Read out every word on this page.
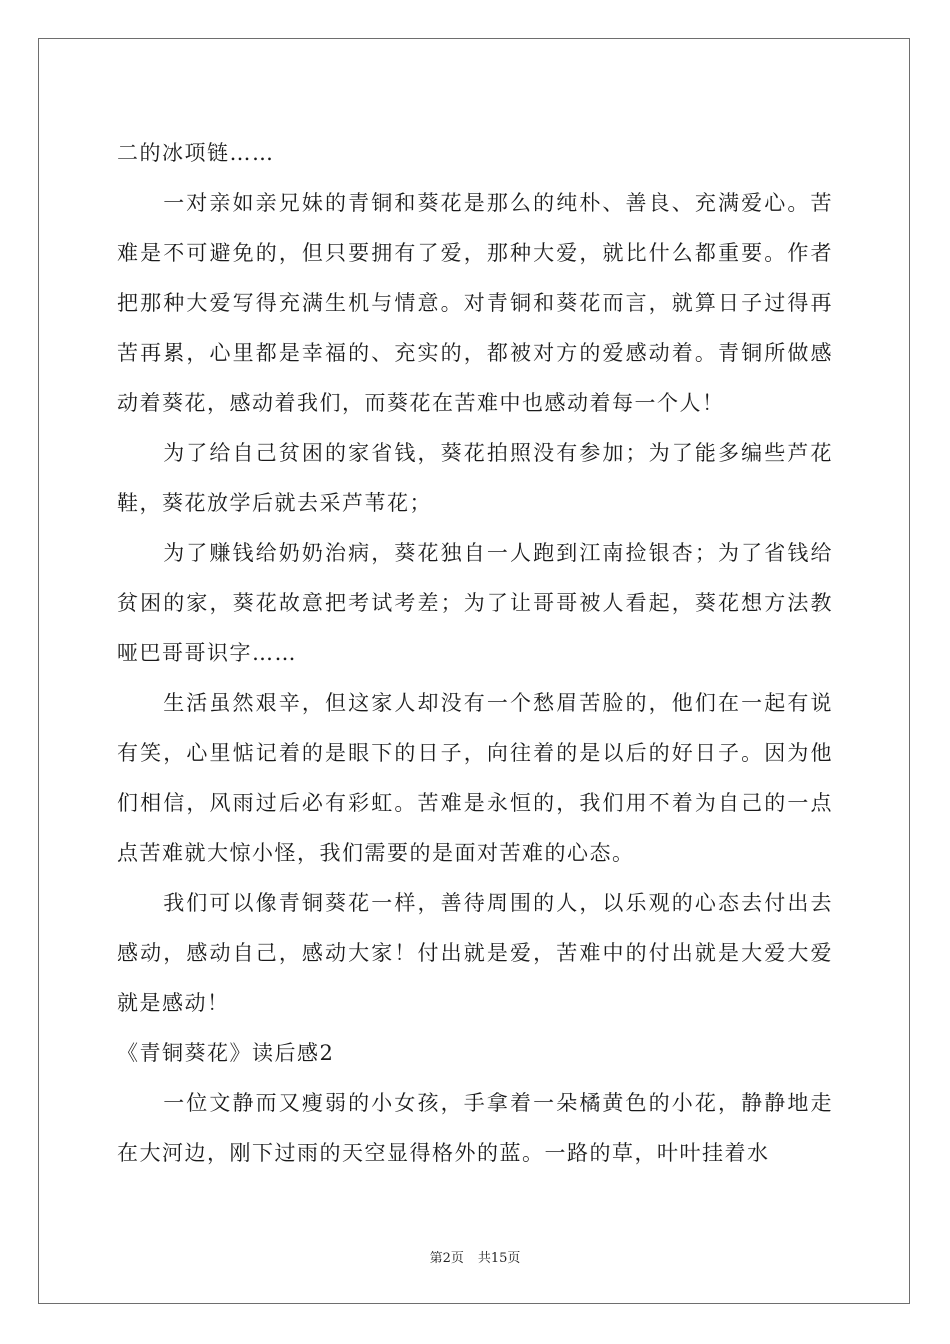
二的冰项链……

一对亲如亲兄妹的青铜和葵花是那么的纯朴、善良、充满爱心。苦难是不可避免的，但只要拥有了爱，那种大爱，就比什么都重要。作者把那种大爱写得充满生机与情意。对青铜和葵花而言，就算日子过得再苦再累，心里都是幸福的、充实的，都被对方的爱感动着。青铜所做感动着葵花，感动着我们，而葵花在苦难中也感动着每一个人！

为了给自己贫困的家省钱，葵花拍照没有参加；为了能多编些芦花鞋，葵花放学后就去采芦苇花；

为了赚钱给奶奶治病，葵花独自一人跑到江南捡银杏；为了省钱给贫困的家，葵花故意把考试考差；为了让哥哥被人看起，葵花想方法教哑巴哥哥识字……

生活虽然艰辛，但这家人却没有一个愁眉苦脸的，他们在一起有说有笑，心里惦记着的是眼下的日子，向往着的是以后的好日子。因为他们相信，风雨过后必有彩虹。苦难是永恒的，我们用不着为自己的一点点苦难就大惊小怪，我们需要的是面对苦难的心态。

我们可以像青铜葵花一样，善待周围的人，以乐观的心态去付出去感动，感动自己，感动大家！付出就是爱，苦难中的付出就是大爱大爱就是感动！

《青铜葵花》读后感2

一位文静而又瘦弱的小女孩，手拿着一朵橘黄色的小花，静静地走在大河边，刚下过雨的天空显得格外的蓝。一路的草，叶叶挂着水

第2页 共15页
